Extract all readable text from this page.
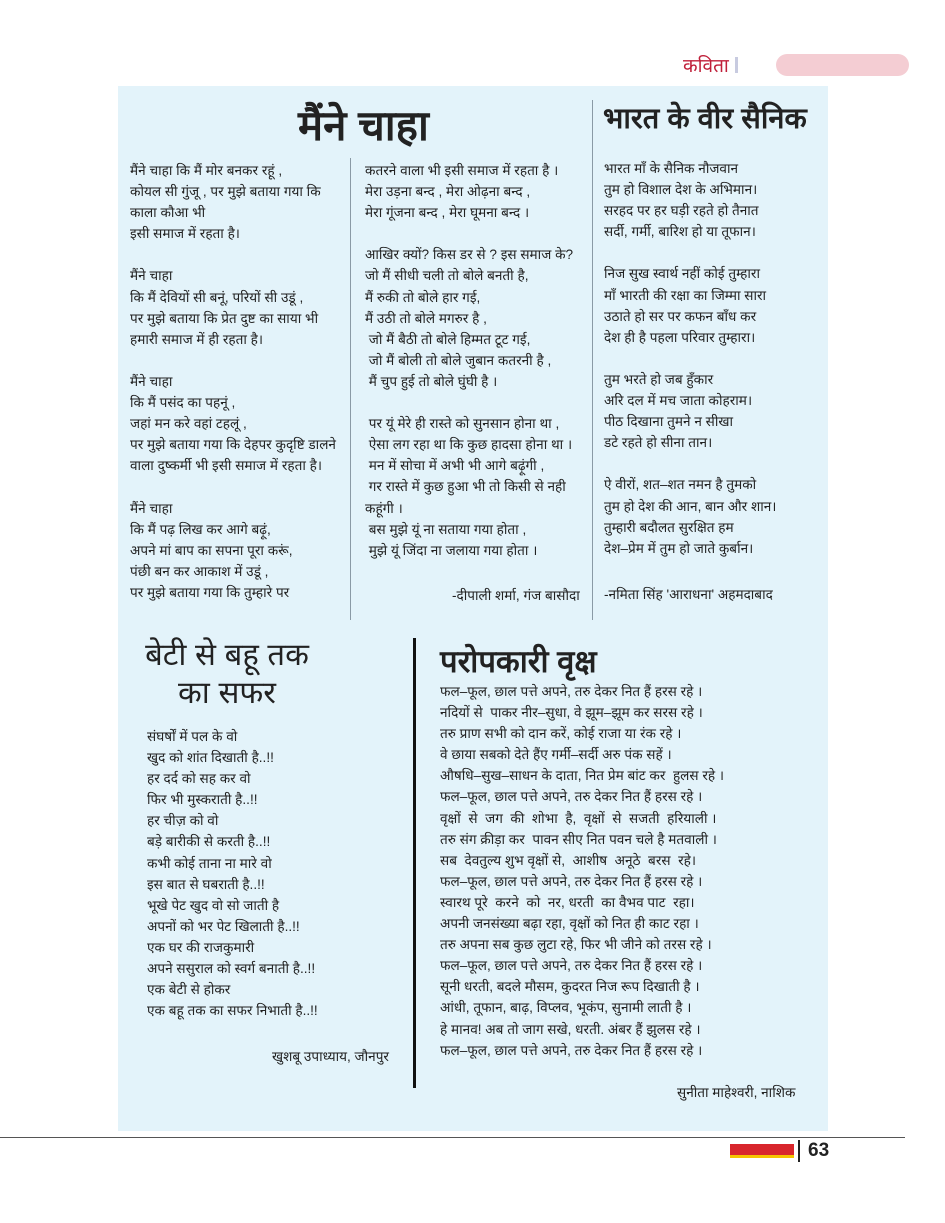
कविता
मैंने चाहा
मैंने चाहा कि मैं मोर बनकर रहूं ,
कोयल सी गुंजू , पर मुझे बताया गया कि
काला कौआ भी
इसी समाज में रहता है।
मैंने चाहा
कि मैं देवियों सी बनूं, परियों सी उडूं ,
पर मुझे बताया कि प्रेत दुष्ट का साया भी
हमारी समाज में ही रहता है।
मैंने चाहा
कि मैं पसंद का पहनूं ,
जहां मन करे वहां टहलूं ,
पर मुझे बताया गया कि देहपर कुदृष्टि डालने
वाला दुष्कर्मी भी इसी समाज में रहता है।
मैंने चाहा
कि मैं पढ़ लिख कर आगे बढ़ूं,
अपने मां बाप का सपना पूरा करूं,
पंछी बन कर आकाश में उडूं ,
पर मुझे बताया गया कि तुम्हारे पर
कतरने वाला भी इसी समाज में रहता है ।
मेरा उड़ना बन्द , मेरा ओढ़ना बन्द ,
मेरा गूंजना बन्द , मेरा घूमना बन्द ।
आखिर क्यों? किस डर से ? इस समाज के?
जो मैं सीधी चली तो बोले बनती है,
मैं रुकी तो बोले हार गई,
मैं उठी तो बोले मगरुर है ,
जो मैं बैठी तो बोले हिम्मत टूट गई,
जो मैं बोली तो बोले जुबान कतरनी है ,
मैं चुप हुई तो बोले घुंघी है ।
पर यूं मेरे ही रास्ते को सुनसान होना था ,
ऐसा लग रहा था कि कुछ हादसा होना था ।
मन में सोचा में अभी भी आगे बढ़ूंगी ,
गर रास्ते में कुछ हुआ भी तो किसी से नही
कहूंगी ।
बस मुझे यूं ना सताया गया होता ,
मुझे यूं जिंदा ना जलाया गया होता ।
-दीपाली शर्मा, गंज बासौदा
भारत के वीर सैनिक
भारत माँ के सैनिक नौजवान
तुम हो विशाल देश के अभिमान।
सरहद पर हर घड़ी रहते हो तैनात
सर्दी, गर्मी, बारिश हो या तूफान।
निज सुख स्वार्थ नहीं कोई तुम्हारा
माँ भारती की रक्षा का जिम्मा सारा
उठाते हो सर पर कफन बाँध कर
देश ही है पहला परिवार तुम्हारा।
तुम भरते हो जब हुँकार
अरि दल में मच जाता कोहराम।
पीठ दिखाना तुमने न सीखा
डटे रहते हो सीना तान।
ऐ वीरों, शत–शत नमन है तुमको
तुम हो देश की आन, बान और शान।
तुम्हारी बदौलत सुरक्षित हम
देश–प्रेम में तुम हो जाते कुर्बान।
-नमिता सिंह 'आराधना' अहमदाबाद
बेटी से बहू तक
का सफर
संघर्षों में पल के वो
खुद को शांत दिखाती है..!!
हर दर्द को सह कर वो
फिर भी मुस्कराती है..!!
हर चीज़ को वो
बड़े बारीकी से करती है..!!
कभी कोई ताना ना मारे वो
इस बात से घबराती है..!!
भूखे पेट खुद वो सो जाती है
अपनों को भर पेट खिलाती है..!!
एक घर की राजकुमारी
अपने ससुराल को स्वर्ग बनाती है..!!
एक बेटी से होकर
एक बहू तक का सफर निभाती है..!!
खुशबू उपाध्याय, जौनपुर
परोपकारी वृक्ष
फल–फूल, छाल पत्ते अपने, तरु देकर नित हैं हरस रहे ।
नदियों से  पाकर नीर–सुधा, वे झूम–झूम कर सरस रहे ।
तरु प्राण सभी को दान करें, कोई राजा या रंक रहे ।
वे छाया सबको देते हैंए गर्मी–सर्दी अरु पंक सहें ।
औषधि–सुख–साधन के दाता, नित प्रेम बांट कर  हुलस रहे ।
फल–फूल, छाल पत्ते अपने, तरु देकर नित हैं हरस रहे ।
वृक्षों  से  जग  की  शोभा  है,  वृक्षों  से  सजती  हरियाली ।
तरु संग क्रीड़ा कर  पावन सीए नित पवन चले है मतवाली ।
सब  देवतुल्य शुभ वृक्षों से,  आशीष  अनूठे  बरस  रहे।
फल–फूल, छाल पत्ते अपने, तरु देकर नित हैं हरस रहे ।
स्वारथ पूरे  करने  को  नर, धरती  का वैभव पाट  रहा।
अपनी जनसंख्या बढ़ा रहा, वृक्षों को नित ही काट रहा ।
तरु अपना सब कुछ लुटा रहे, फिर भी जीने को तरस रहे ।
फल–फूल, छाल पत्ते अपने, तरु देकर नित हैं हरस रहे ।
सूनी धरती, बदले मौसम, कुदरत निज रूप दिखाती है ।
आंधी, तूफान, बाढ़, विप्लव, भूकंप, सुनामी लाती है ।
हे मानव! अब तो जाग सखे, धरती. अंबर हैं झुलस रहे ।
फल–फूल, छाल पत्ते अपने, तरु देकर नित हैं हरस रहे ।
सुनीता माहेश्वरी, नाशिक
63
